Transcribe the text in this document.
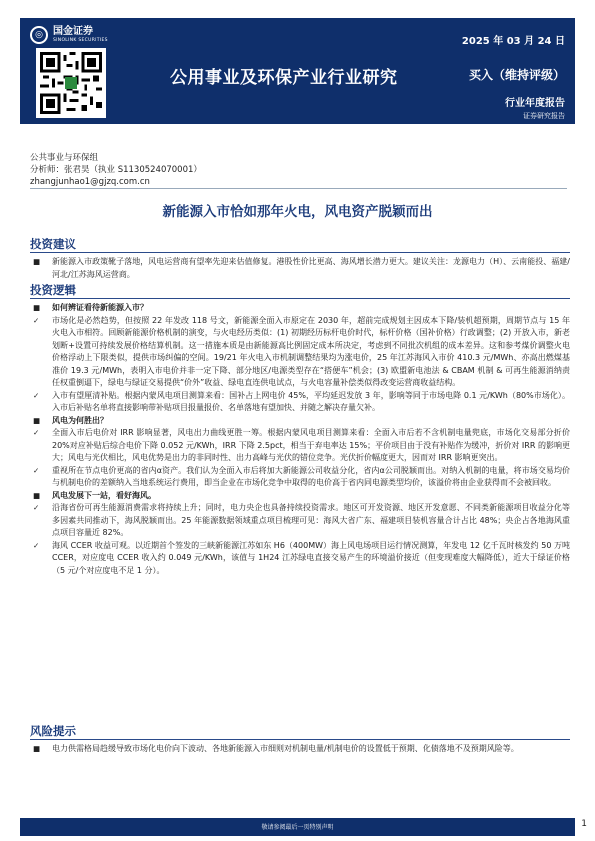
◎	国金证券
SINOLINK SECURITIES	2025 年 03 月 24 日
公用事业及环保产业行业研究	买入（维持评级）
行业年度报告
证券研究报告
公共事业与环保组
分析师：张君昊（执业 S1130524070001）
zhangjunhao1@gjzq.com.cn
新能源入市恰如那年火电，风电资产脱颖而出
投资建议
■	新能源入市政策靴子落地，风电运营商有望率先迎来估值修复。港股性价比更高、海风增长潜力更大。建议关注：龙源电力（H）、云南能投、福建/河北/江苏海风运营商。
投资逻辑
■	如何辨证看待新能源入市？
✓	市场化是必然趋势，但按照 22 年发改 118 号文，新能源全面入市原定在 2030 年，超前完成规划主因成本下降/装机超预期，周期节点与 15 年火电入市相符。回顾新能源价格机制的演变，与火电经历类似：(1) 初期经历标杆电价时代，标杆价格（国补价格）行政调整；(2) 开放入市，新老划断+设置可持续发展价格结算机制。这一措施本质是由新能源高比例固定成本所决定，考虑到不同批次机组的成本差异。这和参考煤价调整火电价格浮动上下限类似，提供市场纠偏的空间。19/21 年火电入市机制调整结果均为涨电价，25 年江苏海风入市价 410.3 元/MWh、亦高出燃煤基准价 19.3 元/MWh，表明入市电价并非一定下降、部分地区/电源类型存在“搭便车”机会；(3) 欧盟新电池法 & CBAM 机制 & 可再生能源消纳责任权重倒逼下，绿电与绿证交易提供“价外”收益、绿电直连供电试点，与火电容量补偿类似得改变运营商收益结构。
✓	入市有望厘清补贴。根据内蒙风电项目测算来看：国补占上网电价 45%，平均延迟发放 3 年，影响等同于市场电降 0.1 元/KWh（80%市场化）。入市后补贴名单将直接影响带补贴项目报量报价、名单落地有望加快、并随之解决存量欠补。
■	风电为何胜出？
✓	全面入市后电价对 IRR 影响显著，风电出力曲线更胜一筹。根据内蒙风电项目测算来看：全面入市后若不含机制电量兜底，市场化交易部分折价 20%对应补贴后综合电价下降 0.052 元/KWh，IRR 下降 2.5pct，相当于弃电率达 15%；平价项目由于没有补贴作为缓冲，折价对 IRR 的影响更大；风电与光伏相比，风电优势是出力的非同时性、出力高峰与光伏的错位竞争。光伏折价幅度更大，因而对 IRR 影响更突出。
✓	重视所在节点电价更高的省内α资产。我们认为全面入市后将加大新能源公司收益分化，省内α公司脱颖而出。对纳入机制的电量，将市场交易均价与机制电价的差额纳入当地系统运行费用，即当企业在市场化竞争中取得的电价高于省内同电源类型均价，该溢价将由企业获得而不会被回收。
■	风电发展下一站，看好海风。
✓	沿海省份可再生能源消费需求将持续上升；同时，电力央企也具备持续投资需求。地区可开发资源、地区开发意愿、不同类新能源项目收益分化等多因素共同推动下，海风脱颖而出。25 年能源数据领域重点项目梳理可见：海风大省广东、福建项目装机容量合计占比 48%；央企占各地海风重点项目容量近 82%。
✓	海风 CCER 收益可观。以近期首个签发的三峡新能源江苏如东 H6（400MW）海上风电场项目运行情况测算，年发电 12 亿千瓦时核发约 50 万吨 CCER，对应度电 CCER 收入约 0.049 元/KWh，该值与 1H24 江苏绿电直接交易产生的环境溢价接近（但变现难度大幅降低），近大于绿证价格（5 元/个对应度电不足 1 分）。
风险提示
■	电力供需格局趋缓导致市场化电价向下波动、各地新能源入市细则对机制电量/机制电价的设置低于预期、化债落地不及预期风险等。
敬请参阅最后一页特别声明	1
